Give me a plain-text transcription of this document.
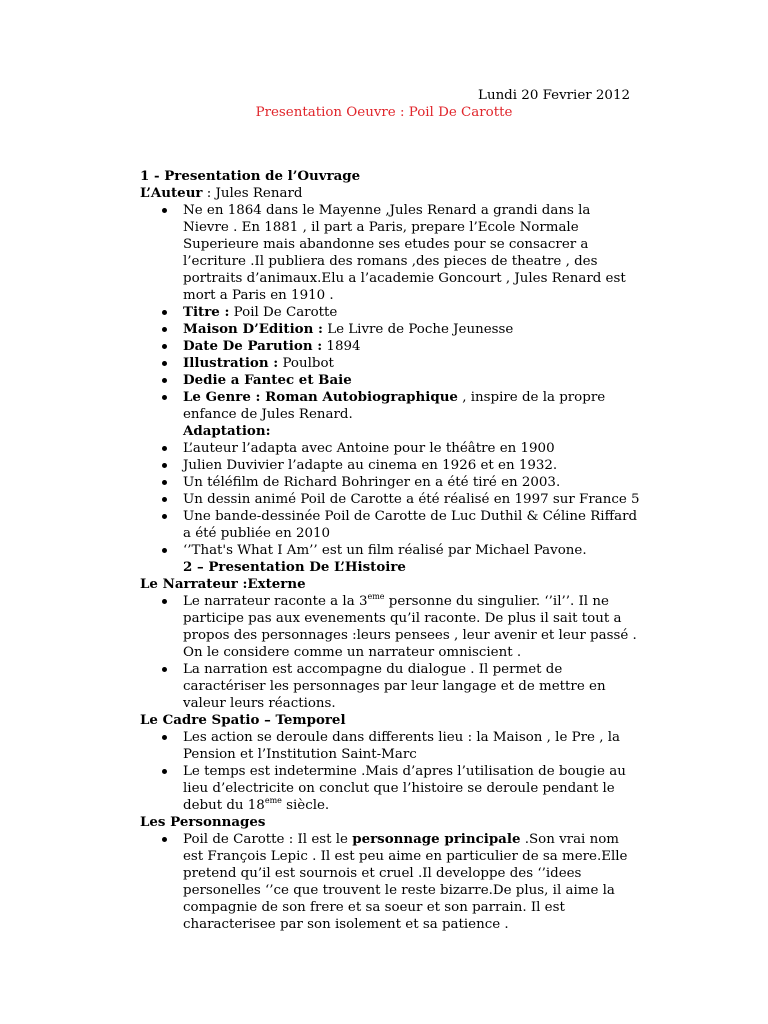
Lundi 20 Fevrier 2012
Presentation Oeuvre : Poil De Carotte
1 - Presentation de l’Ouvrage
L’Auteur : Jules Renard
Ne en 1864 dans le Mayenne ,Jules Renard a grandi dans la Nievre . En 1881 , il part a Paris, prepare l’Ecole Normale Superieure mais abandonne ses etudes pour se consacrer a l’ecriture .Il publiera des romans ,des pieces de theatre , des portraits d’animaux.Elu a l’academie Goncourt , Jules Renard est mort a Paris en 1910 .
Titre : Poil De Carotte
Maison D’Edition : Le Livre de Poche Jeunesse
Date De Parution : 1894
Illustration : Poulbot
Dedie a Fantec et Baie
Le Genre : Roman Autobiographique , inspire de la propre enfance de Jules Renard.
Adaptation:
L’auteur l’adapta avec Antoine pour le théâtre en 1900
Julien Duvivier l’adapte au cinema en 1926 et en 1932.
Un téléfilm de Richard Bohringer en a été tiré en 2003.
Un dessin animé Poil de Carotte a été réalisé en 1997 sur France 5
Une bande-dessinée Poil de Carotte de Luc Duthil & Céline Riffard a été publiée en 2010
‘’That's What I Am’’ est un film réalisé par Michael Pavone.
2 – Presentation De L’Histoire
Le Narrateur :Externe
Le narrateur raconte a la 3eme personne du singulier. ‘’il’’. Il ne participe pas aux evenements qu’il raconte. De plus il sait tout a propos des personnages :leurs pensees , leur avenir et leur passé . On le considere comme un narrateur omniscient .
La narration est accompagne du dialogue . Il permet de caractériser les personnages par leur langage et de mettre en valeur leurs réactions.
Le Cadre Spatio – Temporel
Les action se deroule dans differents lieu : la Maison , le Pre , la Pension et l’Institution Saint-Marc
Le temps est indetermine .Mais d’apres l’utilisation de bougie au lieu d’electricite on conclut que l’histoire se deroule pendant le debut du 18eme siècle.
Les Personnages
Poil de Carotte : Il est le personnage principale .Son vrai nom est François Lepic . Il est peu aime en particulier de sa mere.Elle pretend qu’il est sournois et cruel .Il developpe des ‘’idees personelles ‘’ce que trouvent le reste bizarre.De plus, il aime la compagnie de son frere et sa soeur et son parrain. Il est characterisee par son isolement et sa patience .
